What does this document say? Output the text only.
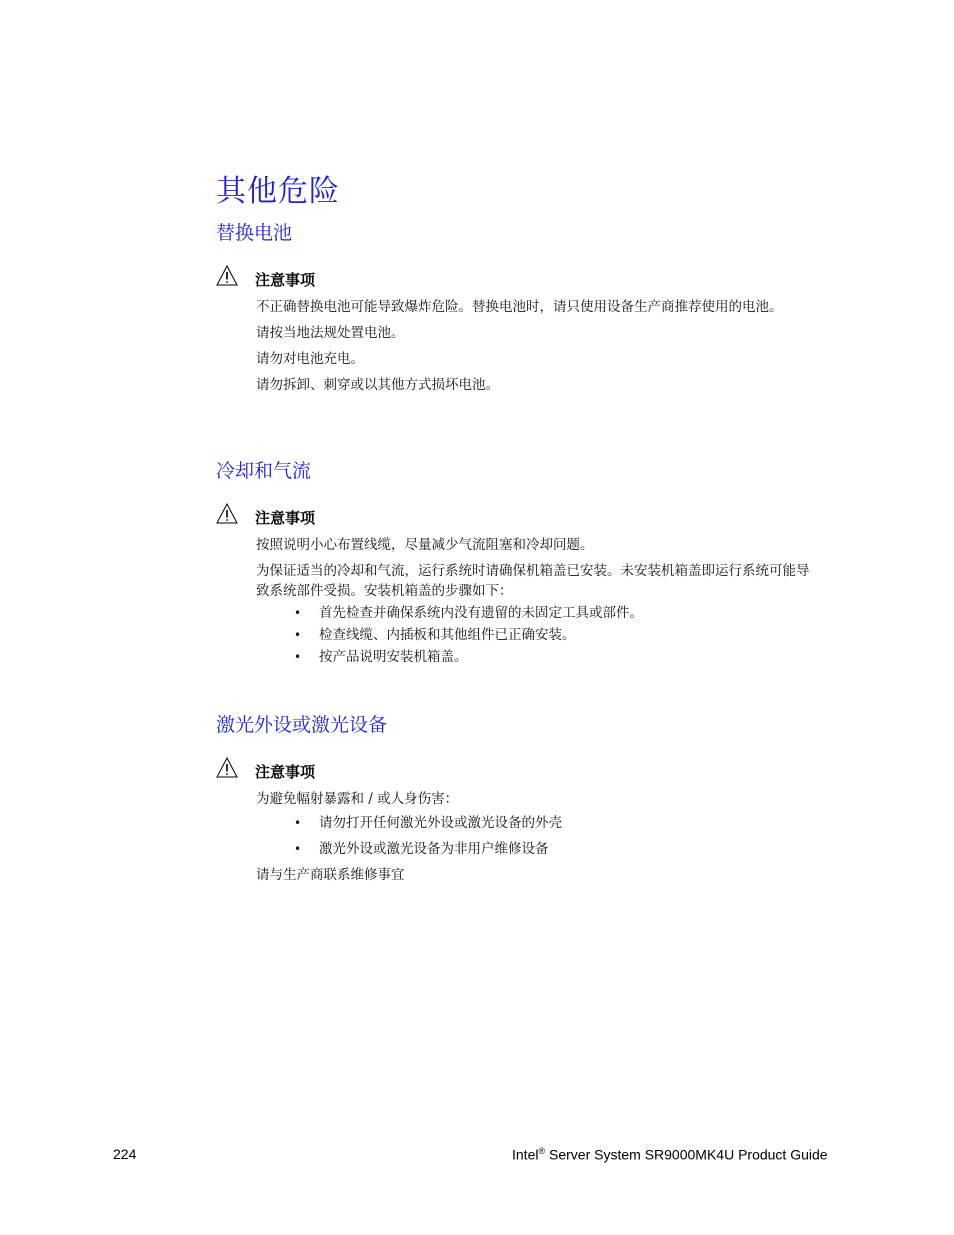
其他危险
替换电池
注意事项

不正确替换电池可能导致爆炸危险。替换电池时，请只使用设备生产商推荐使用的电池。

请按当地法规处置电池。

请勿对电池充电。

请勿拆卸、刺穿或以其他方式损坏电池。

冷却和气流
注意事项

按照说明小心布置线缆，尽量减少气流阻塞和冷却问题。

为保证适当的冷却和气流，运行系统时请确保机箱盖已安装。未安装机箱盖即运行系统可能导致系统部件受损。安装机箱盖的步骤如下：

• 首先检查并确保系统内没有遗留的未固定工具或部件。
• 检查线缆、内插板和其他组件已正确安装。
• 按产品说明安装机箱盖。
激光外设或激光设备
注意事项

为避免幅射暴露和 / 或人身伤害：

• 请勿打开任何激光外设或激光设备的外壳
• 激光外设或激光设备为非用户维修设备

请与生产商联系维修事宜

224	Intel® Server System SR9000MK4U Product Guide
